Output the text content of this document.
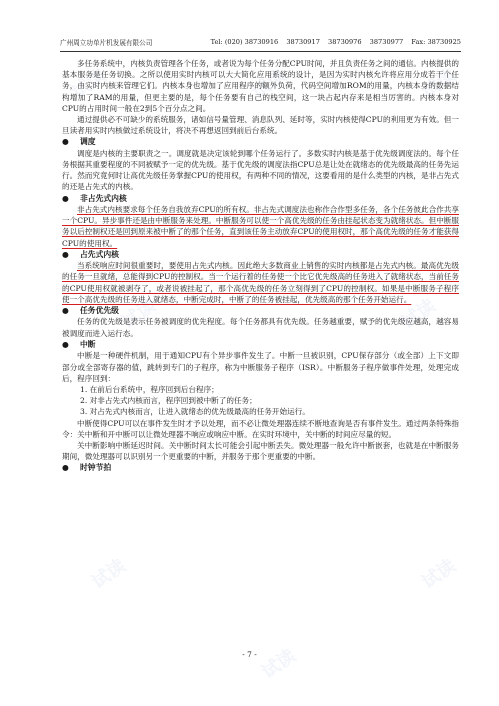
试读	试读	试读
试读	试读
试读	试读
试读
广州周立功单片机发展有限公司	Tel: (020) 38730916 38730917 38730976 38730977 Fax: 38730925

多任务系统中，内核负责管理各个任务，或者说为每个任务分配CPU时间，并且负责任务之间的通信。内核提供的基本服务是任务切换。之所以使用实时内核可以大大简化应用系统的设计，是因为实时内核允许将应用分成若干个任务，由实时内核来管理它们。内核本身也增加了应用程序的额外负荷，代码空间增加ROM的用量，内核本身的数据结构增加了RAM的用量，但更主要的是，每个任务要有自己的栈空间，这一块占起内存来是相当厉害的。内核本身对CPU的占用时间一般在2到5个百分点之间。

通过提供必不可缺少的系统服务，诸如信号量管理、消息队列、延时等，实时内核使得CPU的利用更为有效。但一旦读者用实时内核做过系统设计，将决不再想返回到前后台系统。

● 调度

调度是内核的主要职责之一。调度就是决定该轮到哪个任务运行了。多数实时内核是基于优先级调度法的。每个任务根据其重要程度的不同被赋予一定的优先级。基于优先级的调度法指CPU总是让处在就绪态的优先级最高的任务先运行。然而究竟何时让高优先级任务掌握CPU的使用权，有两种不同的情况，这要看用的是什么类型的内核，是非占先式的还是占先式的内核。

● 非占先式内核

非占先式内核要求每个任务自我放弃CPU的所有权。非占先式调度法也称作合作型多任务，各个任务彼此合作共享一个CPU。异步事件还是由中断服务来处理。中断服务可以使一个高优先级的任务由挂起状态变为就绪状态。但中断服务以后控制权还是回到原来被中断了的那个任务，直到该任务主动放弃CPU的使用权时，那个高优先级的任务才能获得CPU的使用权。

● 占先式内核

当系统响应时间很重要时，要使用占先式内核。因此绝大多数商业上销售的实时内核都是占先式内核。最高优先级的任务一旦就绪，总能得到CPU的控制权。当一个运行着的任务使一个比它优先级高的任务进入了就绪状态，当前任务的CPU使用权就被剥夺了，或者说被挂起了，那个高优先级的任务立刻得到了CPU的控制权。如果是中断服务子程序使一个高优先级的任务进入就绪态，中断完成时，中断了的任务被挂起，优先级高的那个任务开始运行。

● 任务优先级

任务的优先级是表示任务被调度的优先程度。每个任务都具有优先级。任务越重要，赋予的优先级应越高，越容易被调度而进入运行态。

● 中断

中断是一种硬件机制，用于通知CPU有个异步事件发生了。中断一旦被识别，CPU保存部分（或全部）上下文即部分或全部寄存器的值，跳转到专门的子程序，称为中断服务子程序（ISR）。中断服务子程序做事件处理，处理完成后，程序回到：

1. 在前后台系统中，程序回到后台程序；

2. 对非占先式内核而言，程序回到被中断了的任务；

3. 对占先式内核而言，让进入就绪态的优先级最高的任务开始运行。

中断使得CPU可以在事件发生时才予以处理，而不必让微处理器连续不断地查询是否有事件发生。通过两条特殊指令：关中断和开中断可以让微处理器不响应或响应中断。在实时环境中，关中断的时间应尽量的短。

关中断影响中断延迟时间。关中断时间太长可能会引起中断丢失。微处理器一般允许中断嵌套，也就是在中断服务期间，微处理器可以识别另一个更重要的中断，并服务于那个更重要的中断。

● 时钟节拍
- 7 -
